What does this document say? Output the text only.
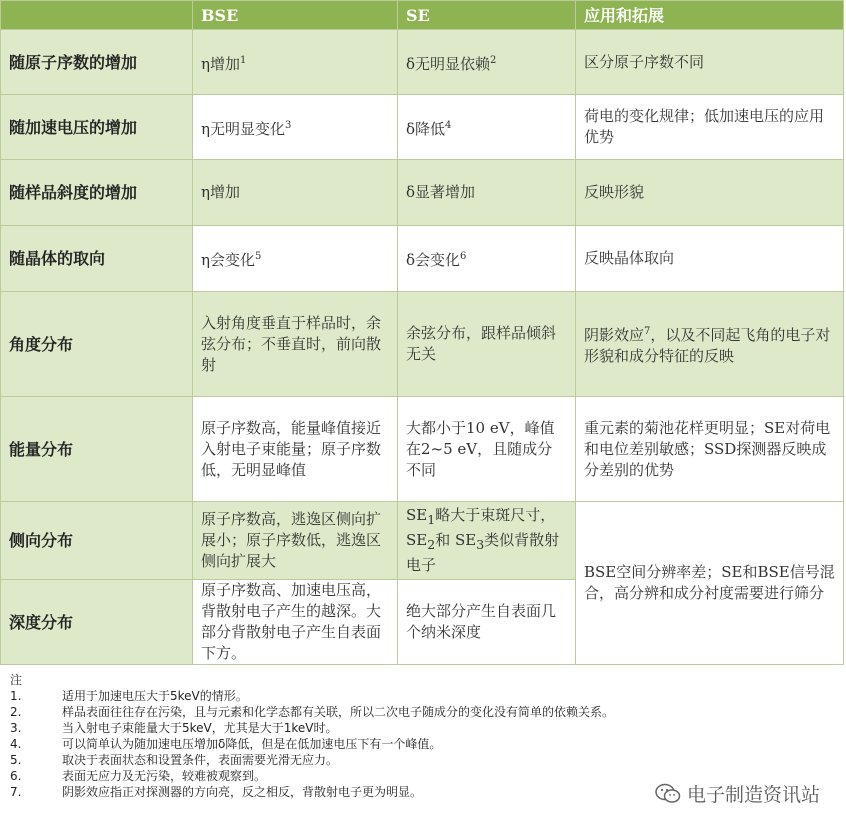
	BSE	SE	应用和拓展
随原子序数的增加	η增加$^1$	δ无明显依赖$^2$	区分原子序数不同
随加速电压的增加	η无明显变化$^3$	δ降低$^4$	荷电的变化规律；低加速电压的应用优势
随样品斜度的增加	η增加	δ显著增加	反映形貌
随晶体的取向	η会变化$^5$	δ会变化$^6$	反映晶体取向
角度分布	入射角度垂直于样品时，余弦分布；不垂直时，前向散射	余弦分布，跟样品倾斜无关	阴影效应$^7$，以及不同起飞角的电子对形貌和成分特征的反映
能量分布	原子序数高，能量峰值接近入射电子束能量；原子序数低，无明显峰值	大都小于10 eV，峰值在2~5 eV，且随成分不同	重元素的菊池花样更明显；SE对荷电和电位差别敏感；SSD探测器反映成分差别的优势
侧向分布	原子序数高，逃逸区侧向扩展小；原子序数低，逃逸区侧向扩展大	$SE_1$略大于束斑尺寸，$SE_2$和 $SE_3$类似背散射电子	BSE空间分辨率差；SE和BSE信号混合，高分辨和成分衬度需要进行筛分
深度分布	原子序数高、加速电压高，背散射电子产生的越深。大部分背散射电子产生自表面下方。	绝大部分产生自表面几个纳米深度	
注
1.	适用于加速电压大于5keV的情形。
2.	样品表面往往存在污染，且与元素和化学态都有关联，所以二次电子随成分的变化没有简单的依赖关系。
3.	当入射电子束能量大于5keV，尤其是大于1keV时。
4.	可以简单认为随加速电压增加δ降低，但是在低加速电压下有一个峰值。
5.	取决于表面状态和设置条件，表面需要光滑无应力。
6.	表面无应力及无污染，较难被观察到。
7.	阴影效应指正对探测器的方向亮，反之相反，背散射电子更为明显。	电子制造资讯站
